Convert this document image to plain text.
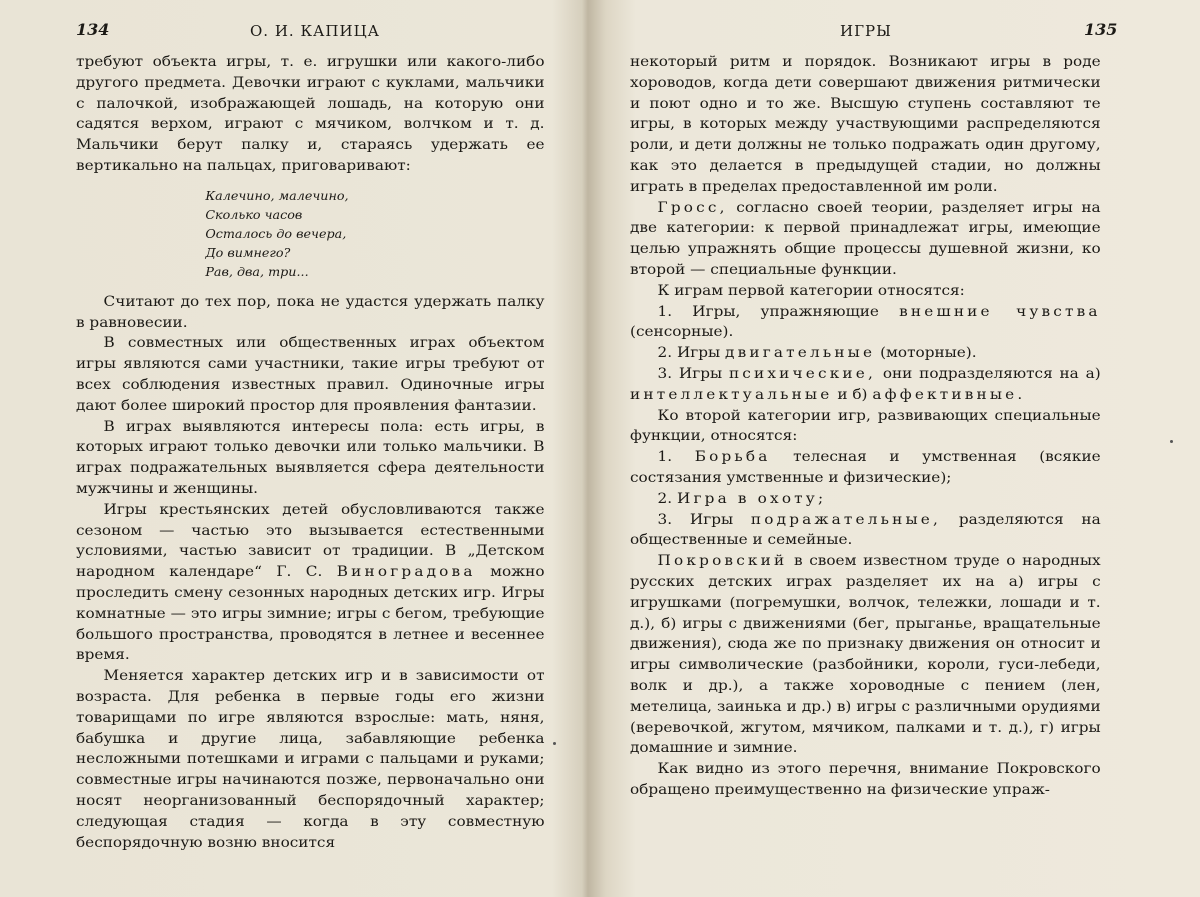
134	О. И. КАПИЦА

требуют объекта игры, т. е. игрушки или какого-либо другого предмета. Девочки играют с куклами, мальчики с палочкой, изображающей лошадь, на которую они садятся верхом, играют с мячиком, волчком и т. д. Мальчики берут палку и, стараясь удержать ее вертикально на пальцах, приговаривают:

Калечино, малечино,
Сколько часов
Осталось до вечера,
До вимнего?
Рав, два, три...

Считают до тех пор, пока не удастся удержать палку в равновесии.

В совместных или общественных играх объектом игры являются сами участники, такие игры требуют от всех соблюдения известных правил. Одиночные игры дают более широкий простор для проявления фантазии.

В играх выявляются интересы пола: есть игры, в которых играют только девочки или только мальчики. В играх подражательных выявляется сфера деятельности мужчины и женщины.

Игры крестьянских детей обусловливаются также сезоном — частью это вызывается естественными условиями, частью зависит от традиции. В „Детском народном календаре“ Г. С. Виноградова можно проследить смену сезонных народных детских игр. Игры комнатные — это игры зимние; игры с бегом, требующие большого пространства, проводятся в летнее и весеннее время.

Меняется характер детских игр и в зависимости от возраста. Для ребенка в первые годы его жизни товарищами по игре являются взрослые: мать, няня, бабушка и другие лица, забавляющие ребенка несложными потешками и играми с пальцами и руками; совместные игры начинаются позже, первоначально они носят неорганизованный беспорядочный характер; следующая стадия — когда в эту совместную беспорядочную возню вносится

ИГРЫ	135

некоторый ритм и порядок. Возникают игры в роде хороводов, когда дети совершают движения ритмически и поют одно и то же. Высшую ступень составляют те игры, в которых между участвующими распределяются роли, и дети должны не только подражать один другому, как это делается в предыдущей стадии, но должны играть в пределах предоставленной им роли.

Гросс, согласно своей теории, разделяет игры на две категории: к первой принадлежат игры, имеющие целью упражнять общие процессы душевной жизни, ко второй — специальные функции.

К играм первой категории относятся:

1. Игры, упражняющие внешние чувства (сенсорные).

2. Игры двигательные (моторные).

3. Игры психические, они подразделяются на а) интеллектуальные и б) аффективные.

Ко второй категории игр, развивающих специальные функции, относятся:

1. Борьба телесная и умственная (всякие состязания умственные и физические);

2. Игра в охоту;

3. Игры подражательные, разделяются на общественные и семейные.

Покровский в своем известном труде о народных русских детских играх разделяет их на а) игры с игрушками (погремушки, волчок, тележки, лошади и т. д.), б) игры с движениями (бег, прыганье, вращательные движения), сюда же по признаку движения он относит и игры символические (разбойники, короли, гуси-лебеди, волк и др.), а также хороводные с пением (лен, метелица, заинька и др.) в) игры с различными орудиями (веревочкой, жгутом, мячиком, палками и т. д.), г) игры домашние и зимние.

Как видно из этого перечня, внимание Покровского обращено преимущественно на физические упраж-
